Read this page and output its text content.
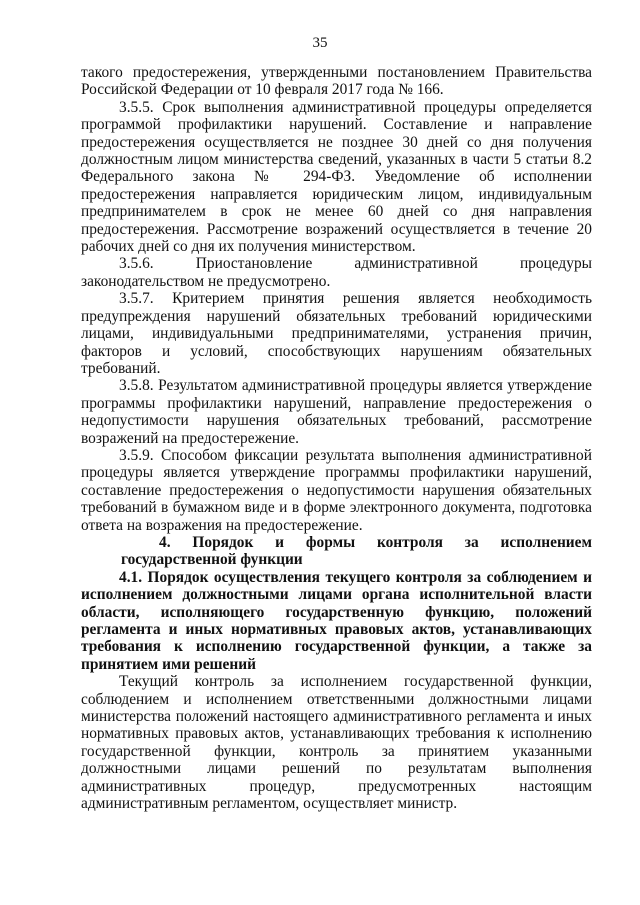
35

такого предостережения, утвержденными постановлением Правительства Российской Федерации от 10 февраля 2017 года № 166.

3.5.5. Срок выполнения административной процедуры определяется программой профилактики нарушений. Составление и направление предостережения осуществляется не позднее 30 дней со дня получения должностным лицом министерства сведений, указанных в части 5 статьи 8.2 Федерального закона № 294-ФЗ. Уведомление об исполнении предостережения направляется юридическим лицом, индивидуальным предпринимателем в срок не менее 60 дней со дня направления предостережения. Рассмотрение возражений осуществляется в течение 20 рабочих дней со дня их получения министерством.

3.5.6. Приостановление административной процедуры законодательством не предусмотрено.

3.5.7. Критерием принятия решения является необходимость предупреждения нарушений обязательных требований юридическими лицами, индивидуальными предпринимателями, устранения причин, факторов и условий, способствующих нарушениям обязательных требований.

3.5.8. Результатом административной процедуры является утверждение программы профилактики нарушений, направление предостережения о недопустимости нарушения обязательных требований, рассмотрение возражений на предостережение.

3.5.9. Способом фиксации результата выполнения административной процедуры является утверждение программы профилактики нарушений, составление предостережения о недопустимости нарушения обязательных требований в бумажном виде и в форме электронного документа, подготовка ответа на возражения на предостережение.

4. Порядок и формы контроля за исполнением государственной функции

4.1. Порядок осуществления текущего контроля за соблюдением и исполнением должностными лицами органа исполнительной власти области, исполняющего государственную функцию, положений регламента и иных нормативных правовых актов, устанавливающих требования к исполнению государственной функции, а также за принятием ими решений

Текущий контроль за исполнением государственной функции, соблюдением и исполнением ответственными должностными лицами министерства положений настоящего административного регламента и иных нормативных правовых актов, устанавливающих требования к исполнению государственной функции, контроль за принятием указанными должностными лицами решений по результатам выполнения административных процедур, предусмотренных настоящим административным регламентом, осуществляет министр.
